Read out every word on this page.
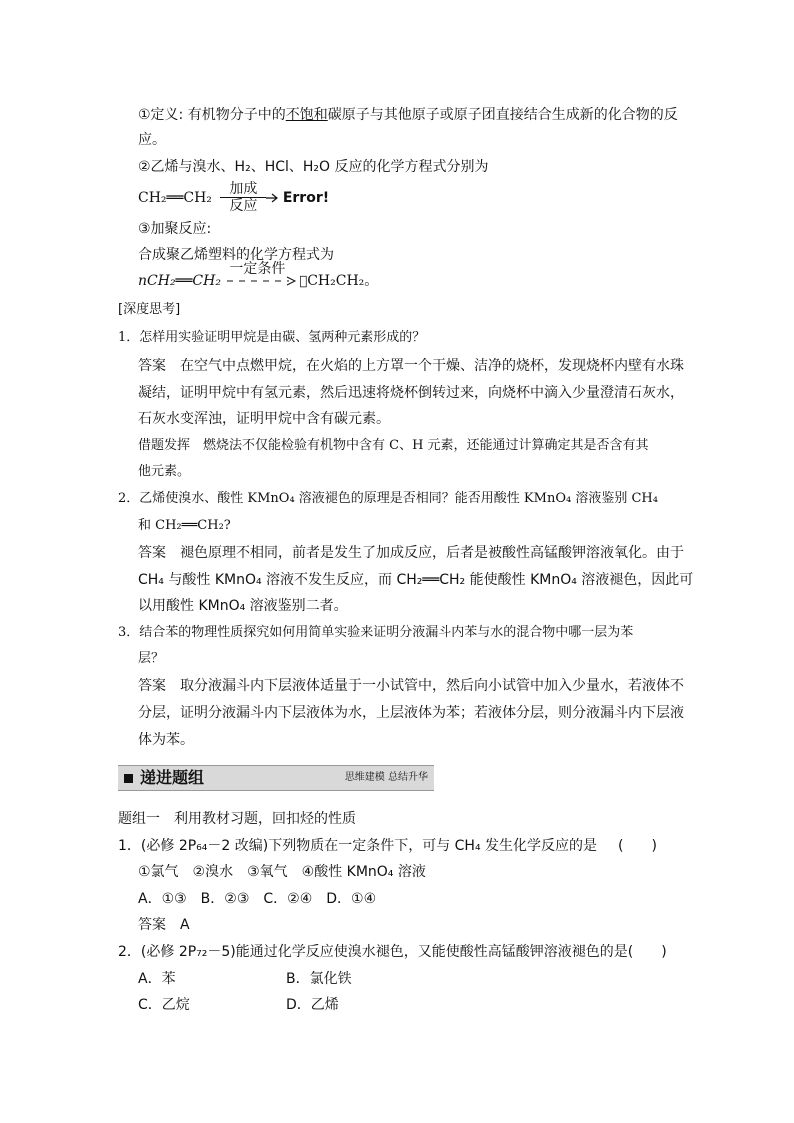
①定义: 有机物分子中的不饱和碳原子与其他原子或原子团直接结合生成新的化合物的反
应。
②乙烯与溴水、H₂、HCl、H₂O 反应的化学方程式分别为
CH₂══CH₂ $\frac{\text{加成}}{\text{反应}}$ Error!
③加聚反应:
合成聚乙烯塑料的化学方程式为
nCH₂══CH₂
一定条件
􏰀CH₂CH₂。
[深度思考]
1．怎样用实验证明甲烷是由碳、氢两种元素形成的？
答案　在空气中点燃甲烷，在火焰的上方罩一个干燥、洁净的烧杯，发现烧杯内壁有水珠
凝结，证明甲烷中有氢元素，然后迅速将烧杯倒转过来，向烧杯中滴入少量澄清石灰水，
石灰水变浑浊，证明甲烷中含有碳元素。
借题发挥　燃烧法不仅能检验有机物中含有 C、H 元素，还能通过计算确定其是否含有其
他元素。
2．乙烯使溴水、酸性 KMnO₄ 溶液褪色的原理是否相同？能否用酸性 KMnO₄ 溶液鉴别 CH₄
和 CH₂══CH₂?
答案　褪色原理不相同，前者是发生了加成反应，后者是被酸性高锰酸钾溶液氧化。由于
CH₄ 与酸性 KMnO₄ 溶液不发生反应，而 CH₂══CH₂ 能使酸性 KMnO₄ 溶液褪色，因此可
以用酸性 KMnO₄ 溶液鉴别二者。
3．结合苯的物理性质探究如何用简单实验来证明分液漏斗内苯与水的混合物中哪一层为苯
层？
答案　取分液漏斗内下层液体适量于一小试管中，然后向小试管中加入少量水，若液体不
分层，证明分液漏斗内下层液体为水，上层液体为苯；若液体分层，则分液漏斗内下层液
体为苯。
递进题组	思维建模 总结升华
题组一　利用教材习题，回扣烃的性质
1．(必修 2P₆₄－2 改编)下列物质在一定条件下，可与 CH₄ 发生化学反应的是 (　　)
①氯气　②溴水　③氧气　④酸性 KMnO₄ 溶液
A．①③　B．②③　C．②④　D．①④
答案　A
2．(必修 2P₇₂－5)能通过化学反应使溴水褪色，又能使酸性高锰酸钾溶液褪色的是(　　)
A．苯	B．氯化铁
C．乙烷	D．乙烯
